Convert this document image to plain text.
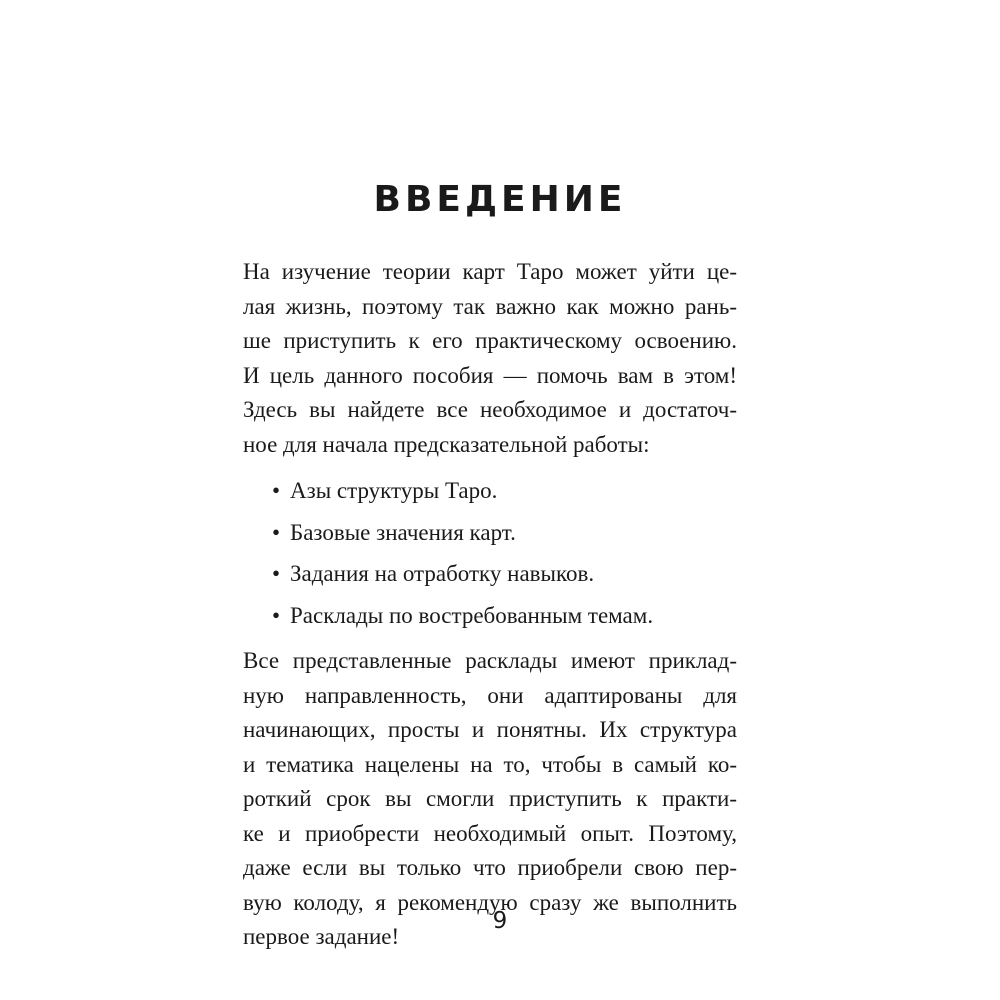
ВВЕДЕНИЕ
На изучение теории карт Таро может уйти це-
лая жизнь, поэтому так важно как можно рань-
ше приступить к его практическому освоению.
И цель данного пособия — помочь вам в этом!
Здесь вы найдете все необходимое и достаточ-
ное для начала предсказательной работы:
• Азы структуры Таро.
• Базовые значения карт.
• Задания на отработку навыков.
• Расклады по востребованным темам.
Все представленные расклады имеют приклад-
ную направленность, они адаптированы для
начинающих, просты и понятны. Их структура
и тематика нацелены на то, чтобы в самый ко-
роткий срок вы смогли приступить к практи-
ке и приобрести необходимый опыт. Поэтому,
даже если вы только что приобрели свою пер-
вую колоду, я рекомендую сразу же выполнить
первое задание!
9
